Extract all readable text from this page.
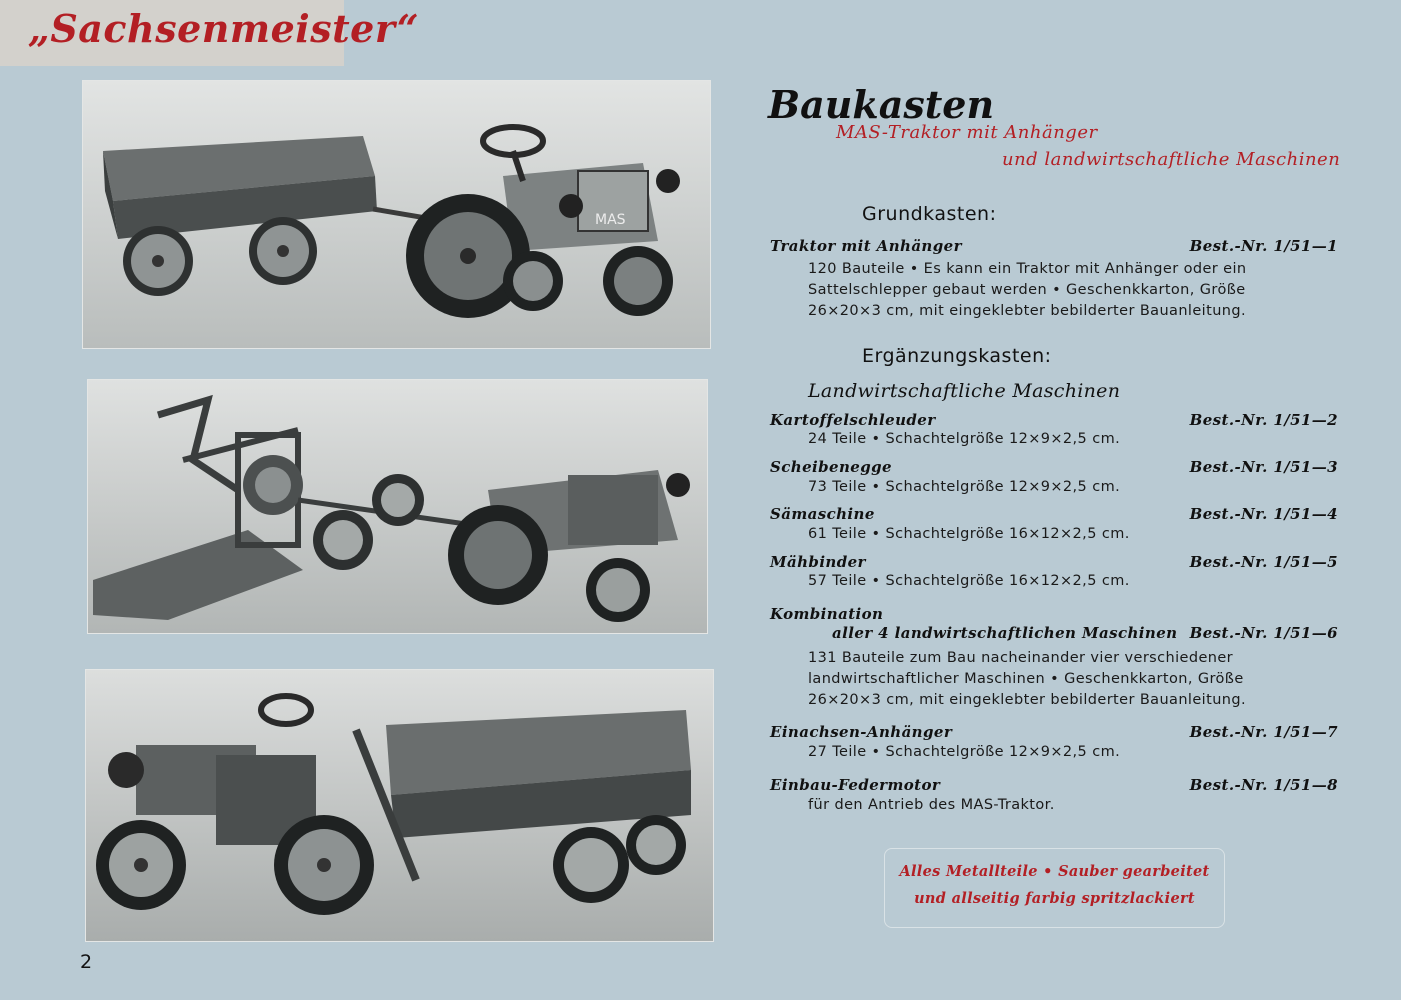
„Sachsenmeister“
MAS
Baukasten
MAS-Traktor mit Anhänger
und landwirtschaftliche Maschinen
Grundkasten:
Traktor mit Anhänger	Best.-Nr. 1/51—1
120 Bauteile • Es kann ein Traktor mit Anhänger oder ein Sattelschlepper gebaut werden • Geschenkkarton, Größe 26×20×3 cm, mit eingeklebter bebilderter Bauanleitung.
Ergänzungskasten:
Landwirtschaftliche Maschinen
Kartoffelschleuder	Best.-Nr. 1/51—2
24 Teile • Schachtelgröße 12×9×2,5 cm.
Scheibenegge	Best.-Nr. 1/51—3
73 Teile • Schachtelgröße 12×9×2,5 cm.
Sämaschine	Best.-Nr. 1/51—4
61 Teile • Schachtelgröße 16×12×2,5 cm.
Mähbinder	Best.-Nr. 1/51—5
57 Teile • Schachtelgröße 16×12×2,5 cm.
Kombination
aller 4 landwirtschaftlichen Maschinen Best.-Nr. 1/51—6
131 Bauteile zum Bau nacheinander vier verschiedener landwirtschaftlicher Maschinen • Geschenkkarton, Größe 26×20×3 cm, mit eingeklebter bebilderter Bauanleitung.
Einachsen-Anhänger	Best.-Nr. 1/51—7
27 Teile • Schachtelgröße 12×9×2,5 cm.
Einbau-Federmotor	Best.-Nr. 1/51—8
für den Antrieb des MAS-Traktor.
Alles Metallteile • Sauber gearbeitet
und allseitig farbig spritzlackiert
2
